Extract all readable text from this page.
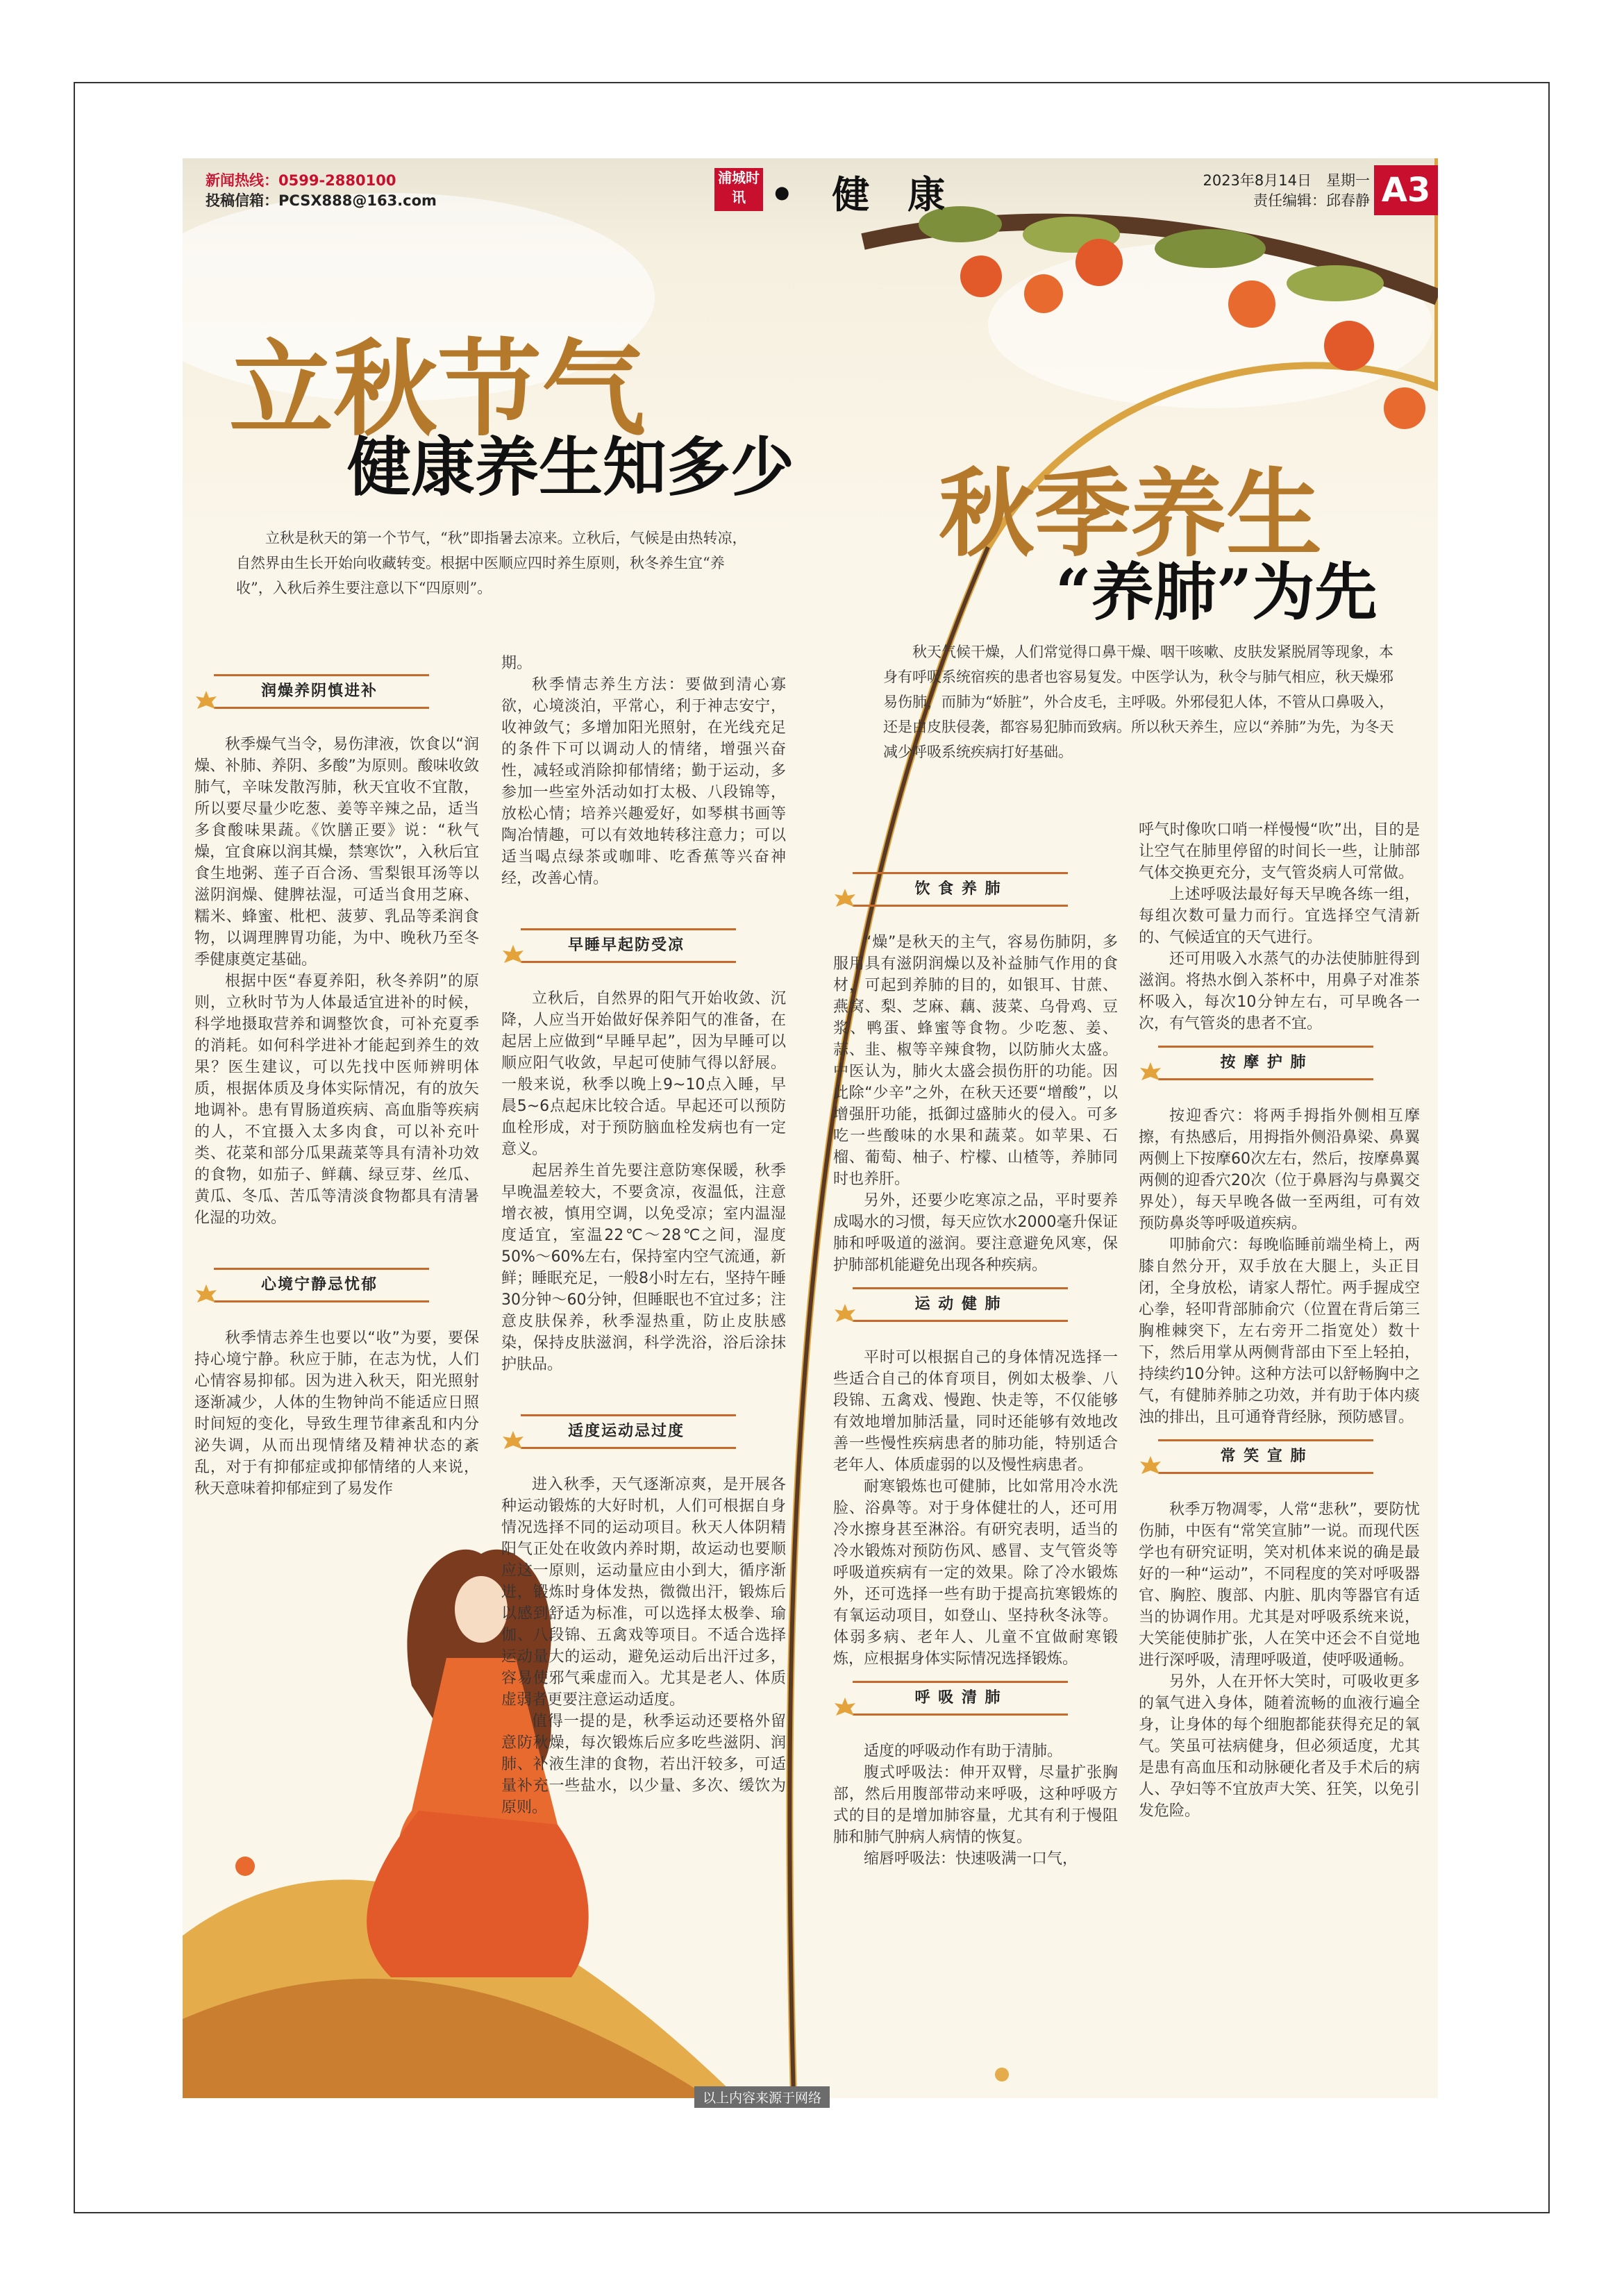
新闻热线：0599-2880100
投稿信箱：PCSX888@163.com
浦城时讯 • 健 康	2023年8月14日　星期一
责任编辑：邱春静 A3
立秋节气
健康养生知多少 秋季养生
“养肺”为先
立秋是秋天的第一个节气，“秋”即指暑去凉来。立秋后，气候是由热转凉，自然界由生长开始向收藏转变。根据中医顺应四时养生原则，秋冬养生宜“养收”，入秋后养生要注意以下“四原则”。
秋天气候干燥，人们常觉得口鼻干燥、咽干咳嗽、皮肤发紧脱屑等现象，本身有呼吸系统宿疾的患者也容易复发。中医学认为，秋令与肺气相应，秋天燥邪易伤肺，而肺为“娇脏”，外合皮毛，主呼吸。外邪侵犯人体，不管从口鼻吸入，还是由皮肤侵袭，都容易犯肺而致病。所以秋天养生，应以“养肺”为先，为冬天减少呼吸系统疾病打好基础。
润燥养阴慎进补

秋季燥气当令，易伤津液，饮食以“润燥、补肺、养阴、多酸”为原则。酸味收敛肺气，辛味发散泻肺，秋天宜收不宜散，所以要尽量少吃葱、姜等辛辣之品，适当多食酸味果蔬。《饮膳正要》说：“秋气燥，宜食麻以润其燥，禁寒饮”，入秋后宜食生地粥、莲子百合汤、雪梨银耳汤等以滋阴润燥、健脾祛湿，可适当食用芝麻、糯米、蜂蜜、枇杷、菠萝、乳品等柔润食物，以调理脾胃功能，为中、晚秋乃至冬季健康奠定基础。

根据中医“春夏养阳，秋冬养阴”的原则，立秋时节为人体最适宜进补的时候，科学地摄取营养和调整饮食，可补充夏季的消耗。如何科学进补才能起到养生的效果？医生建议，可以先找中医师辨明体质，根据体质及身体实际情况，有的放矢地调补。患有胃肠道疾病、高血脂等疾病的人，不宜摄入太多肉食，可以补充叶类、花菜和部分瓜果蔬菜等具有清补功效的食物，如茄子、鲜藕、绿豆芽、丝瓜、黄瓜、冬瓜、苦瓜等清淡食物都具有清暑化湿的功效。

心境宁静忌忧郁

秋季情志养生也要以“收”为要，要保持心境宁静。秋应于肺，在志为忧，人们心情容易抑郁。因为进入秋天，阳光照射逐渐减少，人体的生物钟尚不能适应日照时间短的变化，导致生理节律紊乱和内分泌失调，从而出现情绪及精神状态的紊乱，对于有抑郁症或抑郁情绪的人来说，秋天意味着抑郁症到了易发作

期。

秋季情志养生方法：要做到清心寡欲，心境淡泊，平常心，利于神志安宁，收神敛气；多增加阳光照射，在光线充足的条件下可以调动人的情绪，增强兴奋性，减轻或消除抑郁情绪；勤于运动，多参加一些室外活动如打太极、八段锦等，放松心情；培养兴趣爱好，如琴棋书画等陶冶情趣，可以有效地转移注意力；可以适当喝点绿茶或咖啡、吃香蕉等兴奋神经，改善心情。

早睡早起防受凉

立秋后，自然界的阳气开始收敛、沉降，人应当开始做好保养阳气的准备，在起居上应做到“早睡早起”，因为早睡可以顺应阳气收敛，早起可使肺气得以舒展。一般来说，秋季以晚上9~10点入睡，早晨5~6点起床比较合适。早起还可以预防血栓形成，对于预防脑血栓发病也有一定意义。

起居养生首先要注意防寒保暖，秋季早晚温差较大，不要贪凉，夜温低，注意增衣被，慎用空调，以免受凉；室内温湿度适宜，室温22℃～28℃之间，湿度50%～60%左右，保持室内空气流通，新鲜；睡眠充足，一般8小时左右，坚持午睡30分钟～60分钟，但睡眠也不宜过多；注意皮肤保养，秋季湿热重，防止皮肤感染，保持皮肤滋润，科学洗浴，浴后涂抹护肤品。

适度运动忌过度

进入秋季，天气逐渐凉爽，是开展各种运动锻炼的大好时机，人们可根据自身情况选择不同的运动项目。秋天人体阴精阳气正处在收敛内养时期，故运动也要顺应这一原则，运动量应由小到大，循序渐进，锻炼时身体发热，微微出汗，锻炼后以感到舒适为标准，可以选择太极拳、瑜伽、八段锦、五禽戏等项目。不适合选择运动量大的运动，避免运动后出汗过多，容易使邪气乘虚而入。尤其是老人、体质虚弱者更要注意运动适度。

值得一提的是，秋季运动还要格外留意防秋燥，每次锻炼后应多吃些滋阴、润肺、补液生津的食物，若出汗较多，可适量补充一些盐水，以少量、多次、缓饮为原则。

饮 食 养 肺

“燥”是秋天的主气，容易伤肺阴，多服用具有滋阴润燥以及补益肺气作用的食材，可起到养肺的目的，如银耳、甘蔗、燕窝、梨、芝麻、藕、菠菜、乌骨鸡、豆浆、鸭蛋、蜂蜜等食物。少吃葱、姜、蒜、韭、椒等辛辣食物，以防肺火太盛。中医认为，肺火太盛会损伤肝的功能。因此除“少辛”之外，在秋天还要“增酸”，以增强肝功能，抵御过盛肺火的侵入。可多吃一些酸味的水果和蔬菜。如苹果、石榴、葡萄、柚子、柠檬、山楂等，养肺同时也养肝。

另外，还要少吃寒凉之品，平时要养成喝水的习惯，每天应饮水2000毫升保证肺和呼吸道的滋润。要注意避免风寒，保护肺部机能避免出现各种疾病。

运 动 健 肺

平时可以根据自己的身体情况选择一些适合自己的体育项目，例如太极拳、八段锦、五禽戏、慢跑、快走等，不仅能够有效地增加肺活量，同时还能够有效地改善一些慢性疾病患者的肺功能，特别适合老年人、体质虚弱的以及慢性病患者。

耐寒锻炼也可健肺，比如常用冷水洗脸、浴鼻等。对于身体健壮的人，还可用冷水擦身甚至淋浴。有研究表明，适当的冷水锻炼对预防伤风、感冒、支气管炎等呼吸道疾病有一定的效果。除了冷水锻炼外，还可选择一些有助于提高抗寒锻炼的有氧运动项目，如登山、坚持秋冬泳等。体弱多病、老年人、儿童不宜做耐寒锻炼，应根据身体实际情况选择锻炼。

呼 吸 清 肺

适度的呼吸动作有助于清肺。

腹式呼吸法：伸开双臂，尽量扩张胸部，然后用腹部带动来呼吸，这种呼吸方式的目的是增加肺容量，尤其有利于慢阻肺和肺气肿病人病情的恢复。

缩唇呼吸法：快速吸满一口气，

呼气时像吹口哨一样慢慢“吹”出，目的是让空气在肺里停留的时间长一些，让肺部气体交换更充分，支气管炎病人可常做。

上述呼吸法最好每天早晚各练一组，每组次数可量力而行。宜选择空气清新的、气候适宜的天气进行。

还可用吸入水蒸气的办法使肺脏得到滋润。将热水倒入茶杯中，用鼻子对准茶杯吸入，每次10分钟左右，可早晚各一次，有气管炎的患者不宜。

按 摩 护 肺

按迎香穴：将两手拇指外侧相互摩擦，有热感后，用拇指外侧沿鼻梁、鼻翼两侧上下按摩60次左右，然后，按摩鼻翼两侧的迎香穴20次（位于鼻唇沟与鼻翼交界处），每天早晚各做一至两组，可有效预防鼻炎等呼吸道疾病。

叩肺俞穴：每晚临睡前端坐椅上，两膝自然分开，双手放在大腿上，头正目闭，全身放松，请家人帮忙。两手握成空心拳，轻叩背部肺俞穴（位置在背后第三胸椎棘突下，左右旁开二指宽处）数十下，然后用掌从两侧背部由下至上轻拍，持续约10分钟。这种方法可以舒畅胸中之气，有健肺养肺之功效，并有助于体内痰浊的排出，且可通脊背经脉，预防感冒。

常 笑 宣 肺

秋季万物凋零，人常“悲秋”，要防忧伤肺，中医有“常笑宣肺”一说。而现代医学也有研究证明，笑对机体来说的确是最好的一种“运动”，不同程度的笑对呼吸器官、胸腔、腹部、内脏、肌肉等器官有适当的协调作用。尤其是对呼吸系统来说，大笑能使肺扩张，人在笑中还会不自觉地进行深呼吸，清理呼吸道，使呼吸通畅。

另外，人在开怀大笑时，可吸收更多的氧气进入身体，随着流畅的血液行遍全身，让身体的每个细胞都能获得充足的氧气。笑虽可祛病健身，但必须适度，尤其是患有高血压和动脉硬化者及手术后的病人、孕妇等不宜放声大笑、狂笑，以免引发危险。

以上内容来源于网络
